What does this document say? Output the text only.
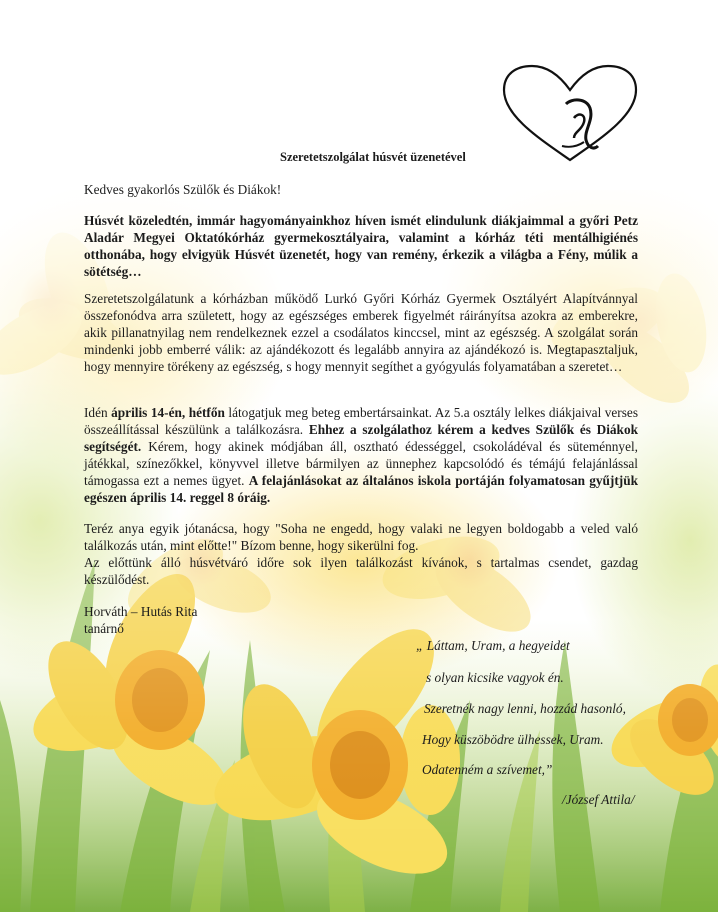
Szeretetszolgálat húsvét üzenetével

Kedves gyakorlós Szülők és Diákok!

Húsvét közeledtén, immár hagyományainkhoz híven ismét elindulunk diákjaimmal a győri Petz Aladár Megyei Oktatókórház gyermekosztályaira, valamint a kórház téti mentálhigiénés otthonába, hogy elvigyük Húsvét üzenetét, hogy van remény, érkezik a világba a Fény, múlik a sötétség…

Szeretetszolgálatunk a kórházban működő Lurkó Győri Kórház Gyermek Osztályért Alapítvánnyal összefonódva arra született, hogy az egészséges emberek figyelmét ráirányítsa azokra az emberekre, akik pillanatnyilag nem rendelkeznek ezzel a csodálatos kinccsel, mint az egészség. A szolgálat során mindenki jobb emberré válik: az ajándékozott és legalább annyira az ajándékozó is. Megtapasztaljuk, hogy mennyire törékeny az egészség, s hogy mennyit segíthet a gyógyulás folyamatában a szeretet…

Idén április 14-én, hétfőn látogatjuk meg beteg embertársainkat. Az 5.a osztály lelkes diákjaival verses összeállítással készülünk a találkozásra. Ehhez a szolgálathoz kérem a kedves Szülők és Diákok segítségét. Kérem, hogy akinek módjában áll, osztható édességgel, csokoládéval és süteménnyel, játékkal, színezőkkel, könyvvel illetve bármilyen az ünnephez kapcsolódó és témájú felajánlással támogassa ezt a nemes ügyet. A felajánlásokat az általános iskola portáján folyamatosan gyűjtjük egészen április 14. reggel 8 óráig.

Teréz anya egyik jótanácsa, hogy "Soha ne engedd, hogy valaki ne legyen boldogabb a veled való találkozás után, mint előtte!" Bízom benne, hogy sikerülni fog.
Az előttünk álló húsvétváró időre sok ilyen találkozást kívánok, s tartalmas csendet, gazdag készülődést.

Horváth – Hutás Rita
tanárnő
„ Láttam, Uram, a hegyeidet
s olyan kicsike vagyok én.
Szeretnék nagy lenni, hozzád hasonló,
Hogy küszöbödre ülhessek, Uram.
Odatenném a szívemet,”
/József Attila/
